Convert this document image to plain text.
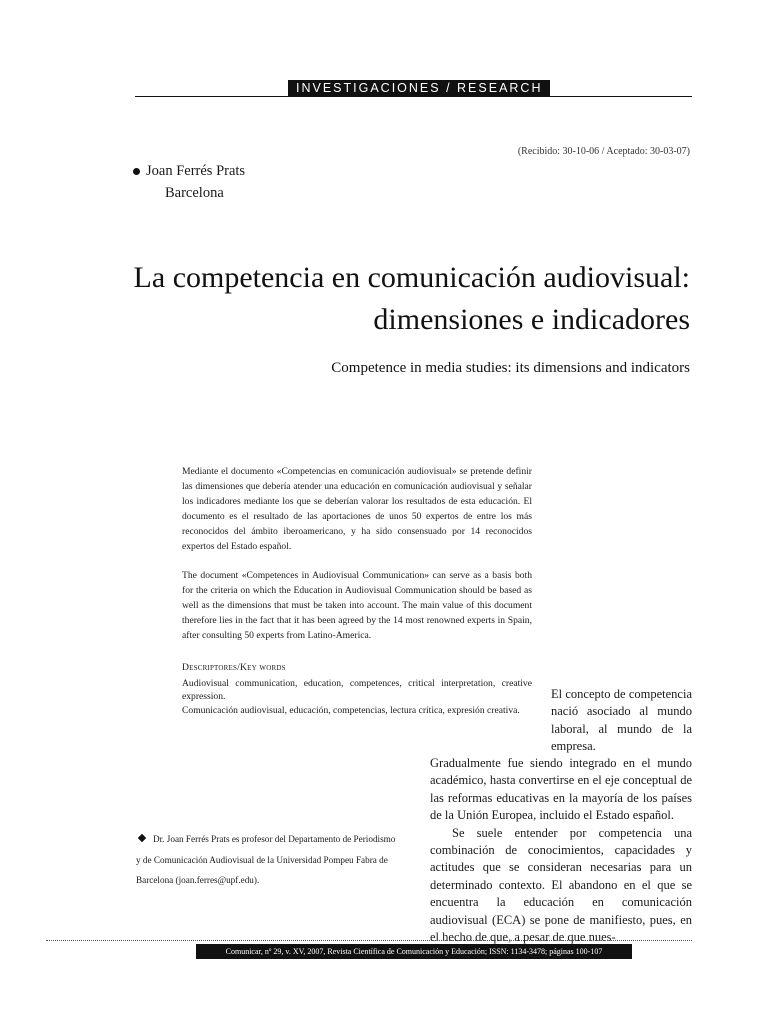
INVESTIGACIONES / RESEARCH
(Recibido: 30-10-06 / Aceptado: 30-03-07)
Joan Ferrés Prats
Barcelona
La competencia en comunicación audiovisual: dimensiones e indicadores
Competence in media studies: its dimensions and indicators
Mediante el documento «Competencias en comunicación audiovisual» se pretende definir las dimensiones que debería atender una educación en comunicación audiovisual y señalar los indicadores mediante los que se deberían valorar los resultados de esta educación. El documento es el resultado de las aportaciones de unos 50 expertos de entre los más reconocidos del ámbito iberoamericano, y ha sido consensuado por 14 reconocidos expertos del Estado español.
The document «Competences in Audiovisual Communication» can serve as a basis both for the criteria on which the Education in Audiovisual Communication should be based as well as the dimensions that must be taken into account. The main value of this document therefore lies in the fact that it has been agreed by the 14 most renowned experts in Spain, after consulting 50 experts from Latino-America.
Descriptores/Key words
Audiovisual communication, education, competences, critical interpretation, creative expression.
Comunicación audiovisual, educación, competencias, lectura crítica, expresión creativa.
El concepto de competencia nació asociado al mundo laboral, al mundo de la empresa.

Gradualmente fue siendo integrado en el mundo académico, hasta convertirse en el eje conceptual de las reformas educativas en la mayoría de los países de la Unión Europea, incluido el Estado español.

Se suele entender por competencia una combinación de conocimientos, capacidades y actitudes que se consideran necesarias para un determinado contexto. El abandono en el que se encuentra la educación en comunicación audiovisual (ECA) se pone de manifiesto, pues, en el hecho de que, a pesar de que nues-

Dr. Joan Ferrés Prats es profesor del Departamento de Periodismo y de Comunicación Audiovisual de la Universidad Pompeu Fabra de Barcelona (joan.ferres@upf.edu).
Comunicar, nº 29, v. XV, 2007, Revista Científica de Comunicación y Educación; ISSN: 1134-3478; páginas 100-107
